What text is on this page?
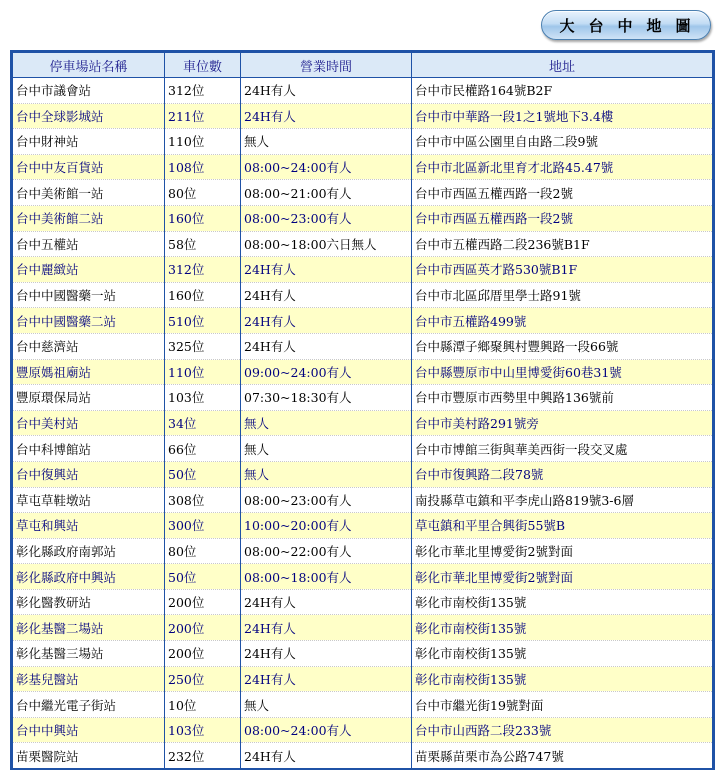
大台中地圖
停車場站名稱	車位數	營業時間	地址
台中市議會站	312位	24H有人	台中市民權路164號B2F
台中全球影城站	211位	24H有人	台中市中華路一段1之1號地下3.4樓
台中財神站	110位	無人	台中市中區公園里自由路二段9號
台中中友百貨站	108位	08:00~24:00有人	台中市北區新北里育才北路45.47號
台中美術館一站	80位	08:00~21:00有人	台中市西區五權西路一段2號
台中美術館二站	160位	08:00~23:00有人	台中市西區五權西路一段2號
台中五權站	58位	08:00~18:00六日無人	台中市五權西路二段236號B1F
台中麗緻站	312位	24H有人	台中市西區英才路530號B1F
台中中國醫藥一站	160位	24H有人	台中市北區邱厝里學士路91號
台中中國醫藥二站	510位	24H有人	台中市五權路499號
台中慈濟站	325位	24H有人	台中縣潭子鄉聚興村豐興路一段66號
豐原媽祖廟站	110位	09:00~24:00有人	台中縣豐原市中山里博愛街60巷31號
豐原環保局站	103位	07:30~18:30有人	台中市豐原市西勢里中興路136號前
台中美村站	34位	無人	台中市美村路291號旁
台中科博館站	66位	無人	台中市博館三街與華美西街一段交叉處
台中復興站	50位	無人	台中市復興路二段78號
草屯草鞋墩站	308位	08:00~23:00有人	南投縣草屯鎮和平李虎山路819號3-6層
草屯和興站	300位	10:00~20:00有人	草屯鎮和平里合興街55號B
彰化縣政府南郭站	80位	08:00~22:00有人	彰化市華北里博愛街2號對面
彰化縣政府中興站	50位	08:00~18:00有人	彰化市華北里博愛街2號對面
彰化醫教研站	200位	24H有人	彰化市南校街135號
彰化基醫二場站	200位	24H有人	彰化市南校街135號
彰化基醫三場站	200位	24H有人	彰化市南校街135號
彰基兒醫站	250位	24H有人	彰化市南校街135號
台中繼光電子街站	10位	無人	台中市繼光街19號對面
台中中興站	103位	08:00~24:00有人	台中市山西路二段233號
苗栗醫院站	232位	24H有人	苗栗縣苗栗市為公路747號
